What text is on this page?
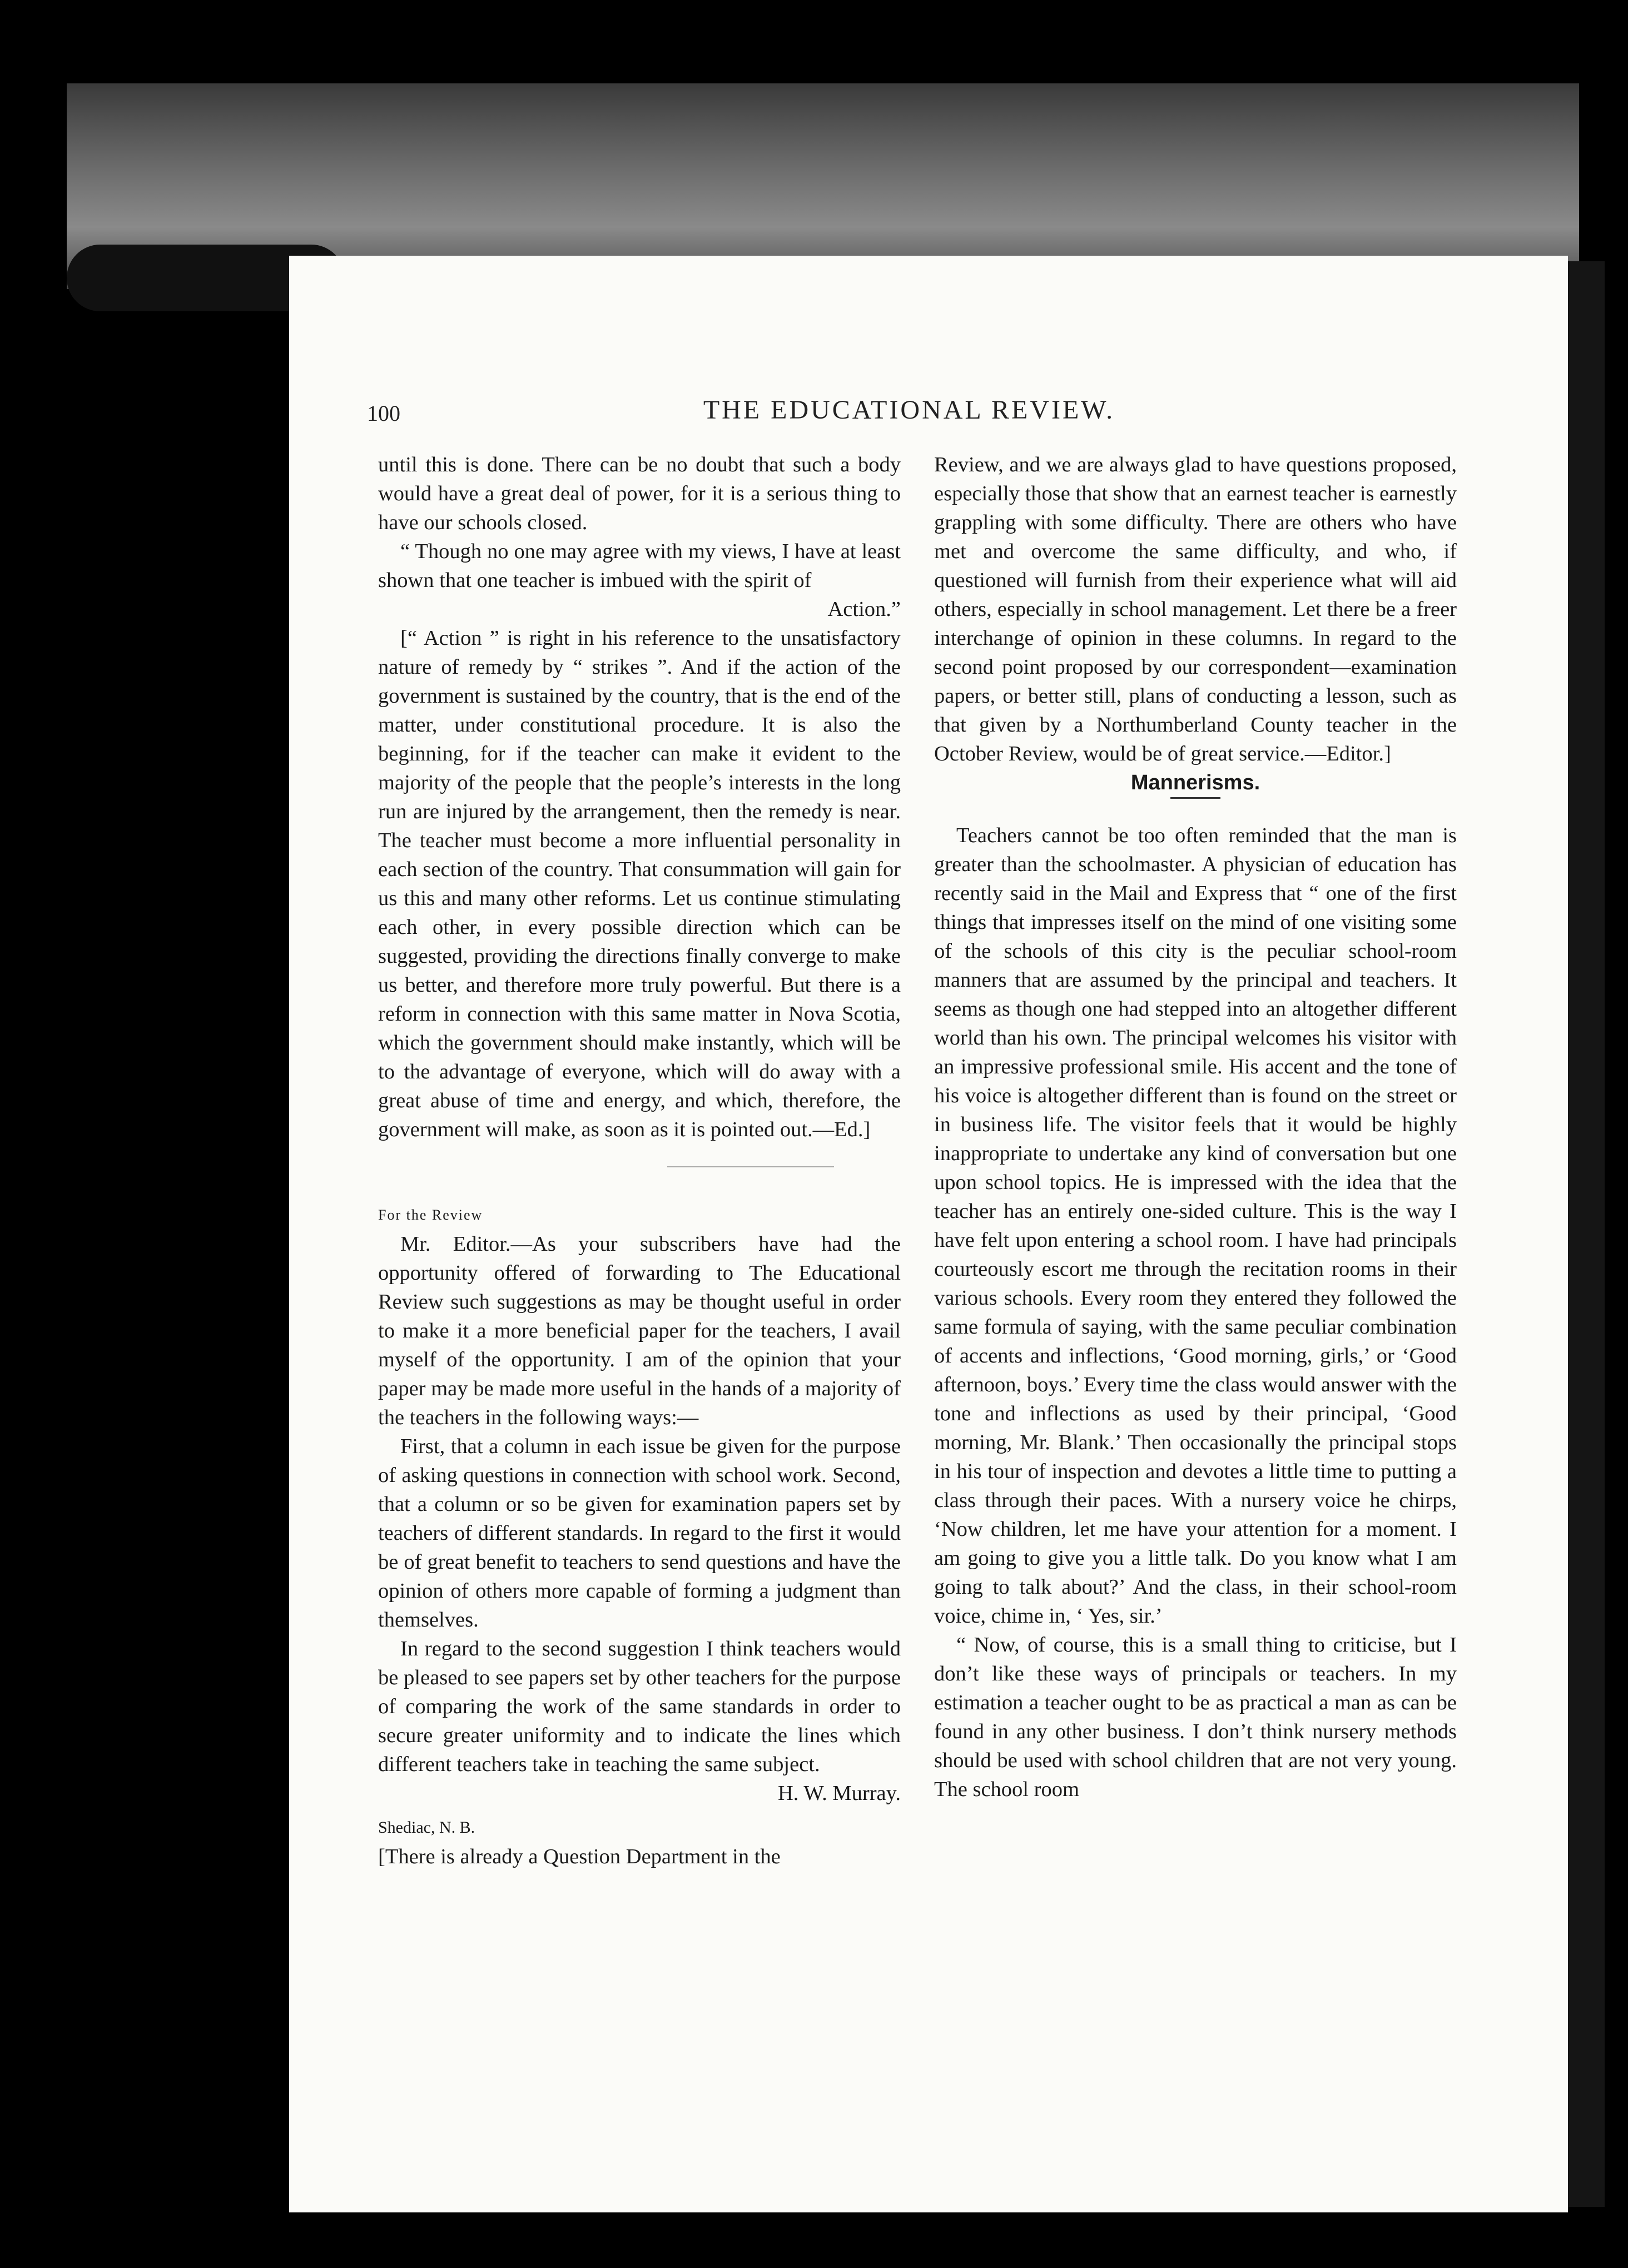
100	THE EDUCATIONAL REVIEW.

until this is done. There can be no doubt that such a body would have a great deal of power, for it is a serious thing to have our schools closed.

“ Though no one may agree with my views, I have at least shown that one teacher is imbued with the spirit of

Action.”

[“ Action ” is right in his reference to the unsatisfactory nature of remedy by “ strikes ”. And if the action of the government is sustained by the country, that is the end of the matter, under constitutional procedure. It is also the beginning, for if the teacher can make it evident to the majority of the people that the people’s interests in the long run are injured by the arrangement, then the remedy is near. The teacher must become a more influential personality in each section of the country. That consummation will gain for us this and many other reforms. Let us continue stimulating each other, in every possible direction which can be suggested, providing the directions finally converge to make us better, and therefore more truly powerful. But there is a reform in connection with this same matter in Nova Scotia, which the government should make instantly, which will be to the advantage of everyone, which will do away with a great abuse of time and energy, and which, therefore, the government will make, as soon as it is pointed out.—Ed.]

For the Review

Mr. Editor.—As your subscribers have had the opportunity offered of forwarding to The Educational Review such suggestions as may be thought useful in order to make it a more beneficial paper for the teachers, I avail myself of the opportunity. I am of the opinion that your paper may be made more useful in the hands of a majority of the teachers in the following ways:—

First, that a column in each issue be given for the purpose of asking questions in connection with school work. Second, that a column or so be given for examination papers set by teachers of different standards. In regard to the first it would be of great benefit to teachers to send questions and have the opinion of others more capable of forming a judgment than themselves.

In regard to the second suggestion I think teachers would be pleased to see papers set by other teachers for the purpose of comparing the work of the same standards in order to secure greater uniformity and to indicate the lines which different teachers take in teaching the same subject.

H. W. Murray.

Shediac, N. B.

[There is already a Question Department in the

Review, and we are always glad to have questions proposed, especially those that show that an earnest teacher is earnestly grappling with some difficulty. There are others who have met and overcome the same difficulty, and who, if questioned will furnish from their experience what will aid others, especially in school management. Let there be a freer interchange of opinion in these columns. In regard to the second point proposed by our correspondent—examination papers, or better still, plans of conducting a lesson, such as that given by a Northumberland County teacher in the October Review, would be of great service.—Editor.]

Mannerisms.

Teachers cannot be too often reminded that the man is greater than the schoolmaster. A physician of education has recently said in the Mail and Express that “ one of the first things that impresses itself on the mind of one visiting some of the schools of this city is the peculiar school-room manners that are assumed by the principal and teachers. It seems as though one had stepped into an altogether different world than his own. The principal welcomes his visitor with an impressive professional smile. His accent and the tone of his voice is altogether different than is found on the street or in business life. The visitor feels that it would be highly inappropriate to undertake any kind of conversation but one upon school topics. He is impressed with the idea that the teacher has an entirely one-sided culture. This is the way I have felt upon entering a school room. I have had principals courteously escort me through the recitation rooms in their various schools. Every room they entered they followed the same formula of saying, with the same peculiar combination of accents and inflections, ‘Good morning, girls,’ or ‘Good afternoon, boys.’ Every time the class would answer with the tone and inflections as used by their principal, ‘Good morning, Mr. Blank.’ Then occasionally the principal stops in his tour of inspection and devotes a little time to putting a class through their paces. With a nursery voice he chirps, ‘Now children, let me have your attention for a moment. I am going to give you a little talk. Do you know what I am going to talk about?’ And the class, in their school-room voice, chime in, ‘ Yes, sir.’

“ Now, of course, this is a small thing to criticise, but I don’t like these ways of principals or teachers. In my estimation a teacher ought to be as practical a man as can be found in any other business. I don’t think nursery methods should be used with school children that are not very young. The school room
